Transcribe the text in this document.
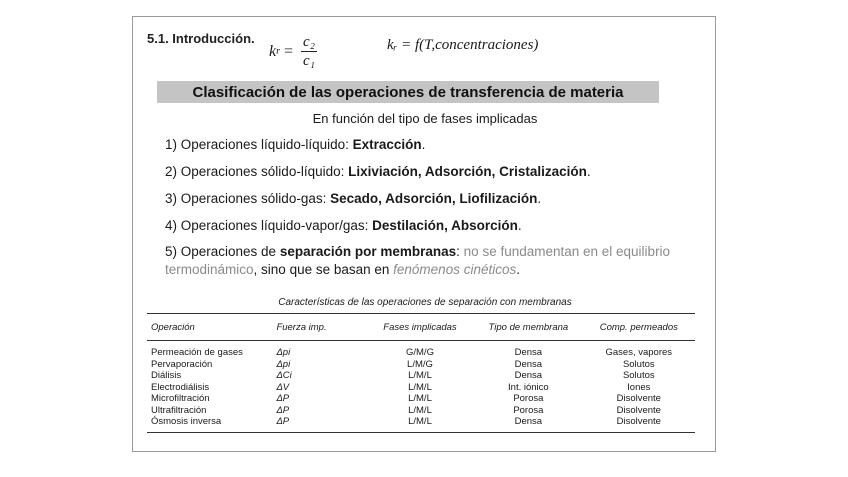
5.1. Introducción.
k $r = \frac{\text{c₂}}{\text{c₁}}$	kᵣ = f(T,concentraciones)
Clasificación de las operaciones de transferencia de materia
En función del tipo de fases implicadas
1) Operaciones líquido-líquido: Extracción.
2) Operaciones sólido-líquido: Lixiviación, Adsorción, Cristalización.
3) Operaciones sólido-gas: Secado, Adsorción, Liofilización.
4) Operaciones líquido-vapor/gas: Destilación, Absorción.
5) Operaciones de separación por membranas: no se fundamentan en el equilibrio termodinámico, sino que se basan en fenómenos cinéticos.
Características de las operaciones de separación con membranas
Operación	Fuerza imp.	Fases implicadas	Tipo de membrana	Comp. permeados
Permeación de gases	Δpi	G/M/G	Densa	Gases, vapores
Pervaporación	Δpi	L/M/G	Densa	Solutos
Diálisis	ΔCi	L/M/L	Densa	Solutos
Electrodiálisis	ΔV	L/M/L	Int. iónico	Iones
Microfiltración	ΔP	L/M/L	Porosa	Disolvente
Ultrafiltración	ΔP	L/M/L	Porosa	Disolvente
Ósmosis inversa	ΔP	L/M/L	Densa	Disolvente
